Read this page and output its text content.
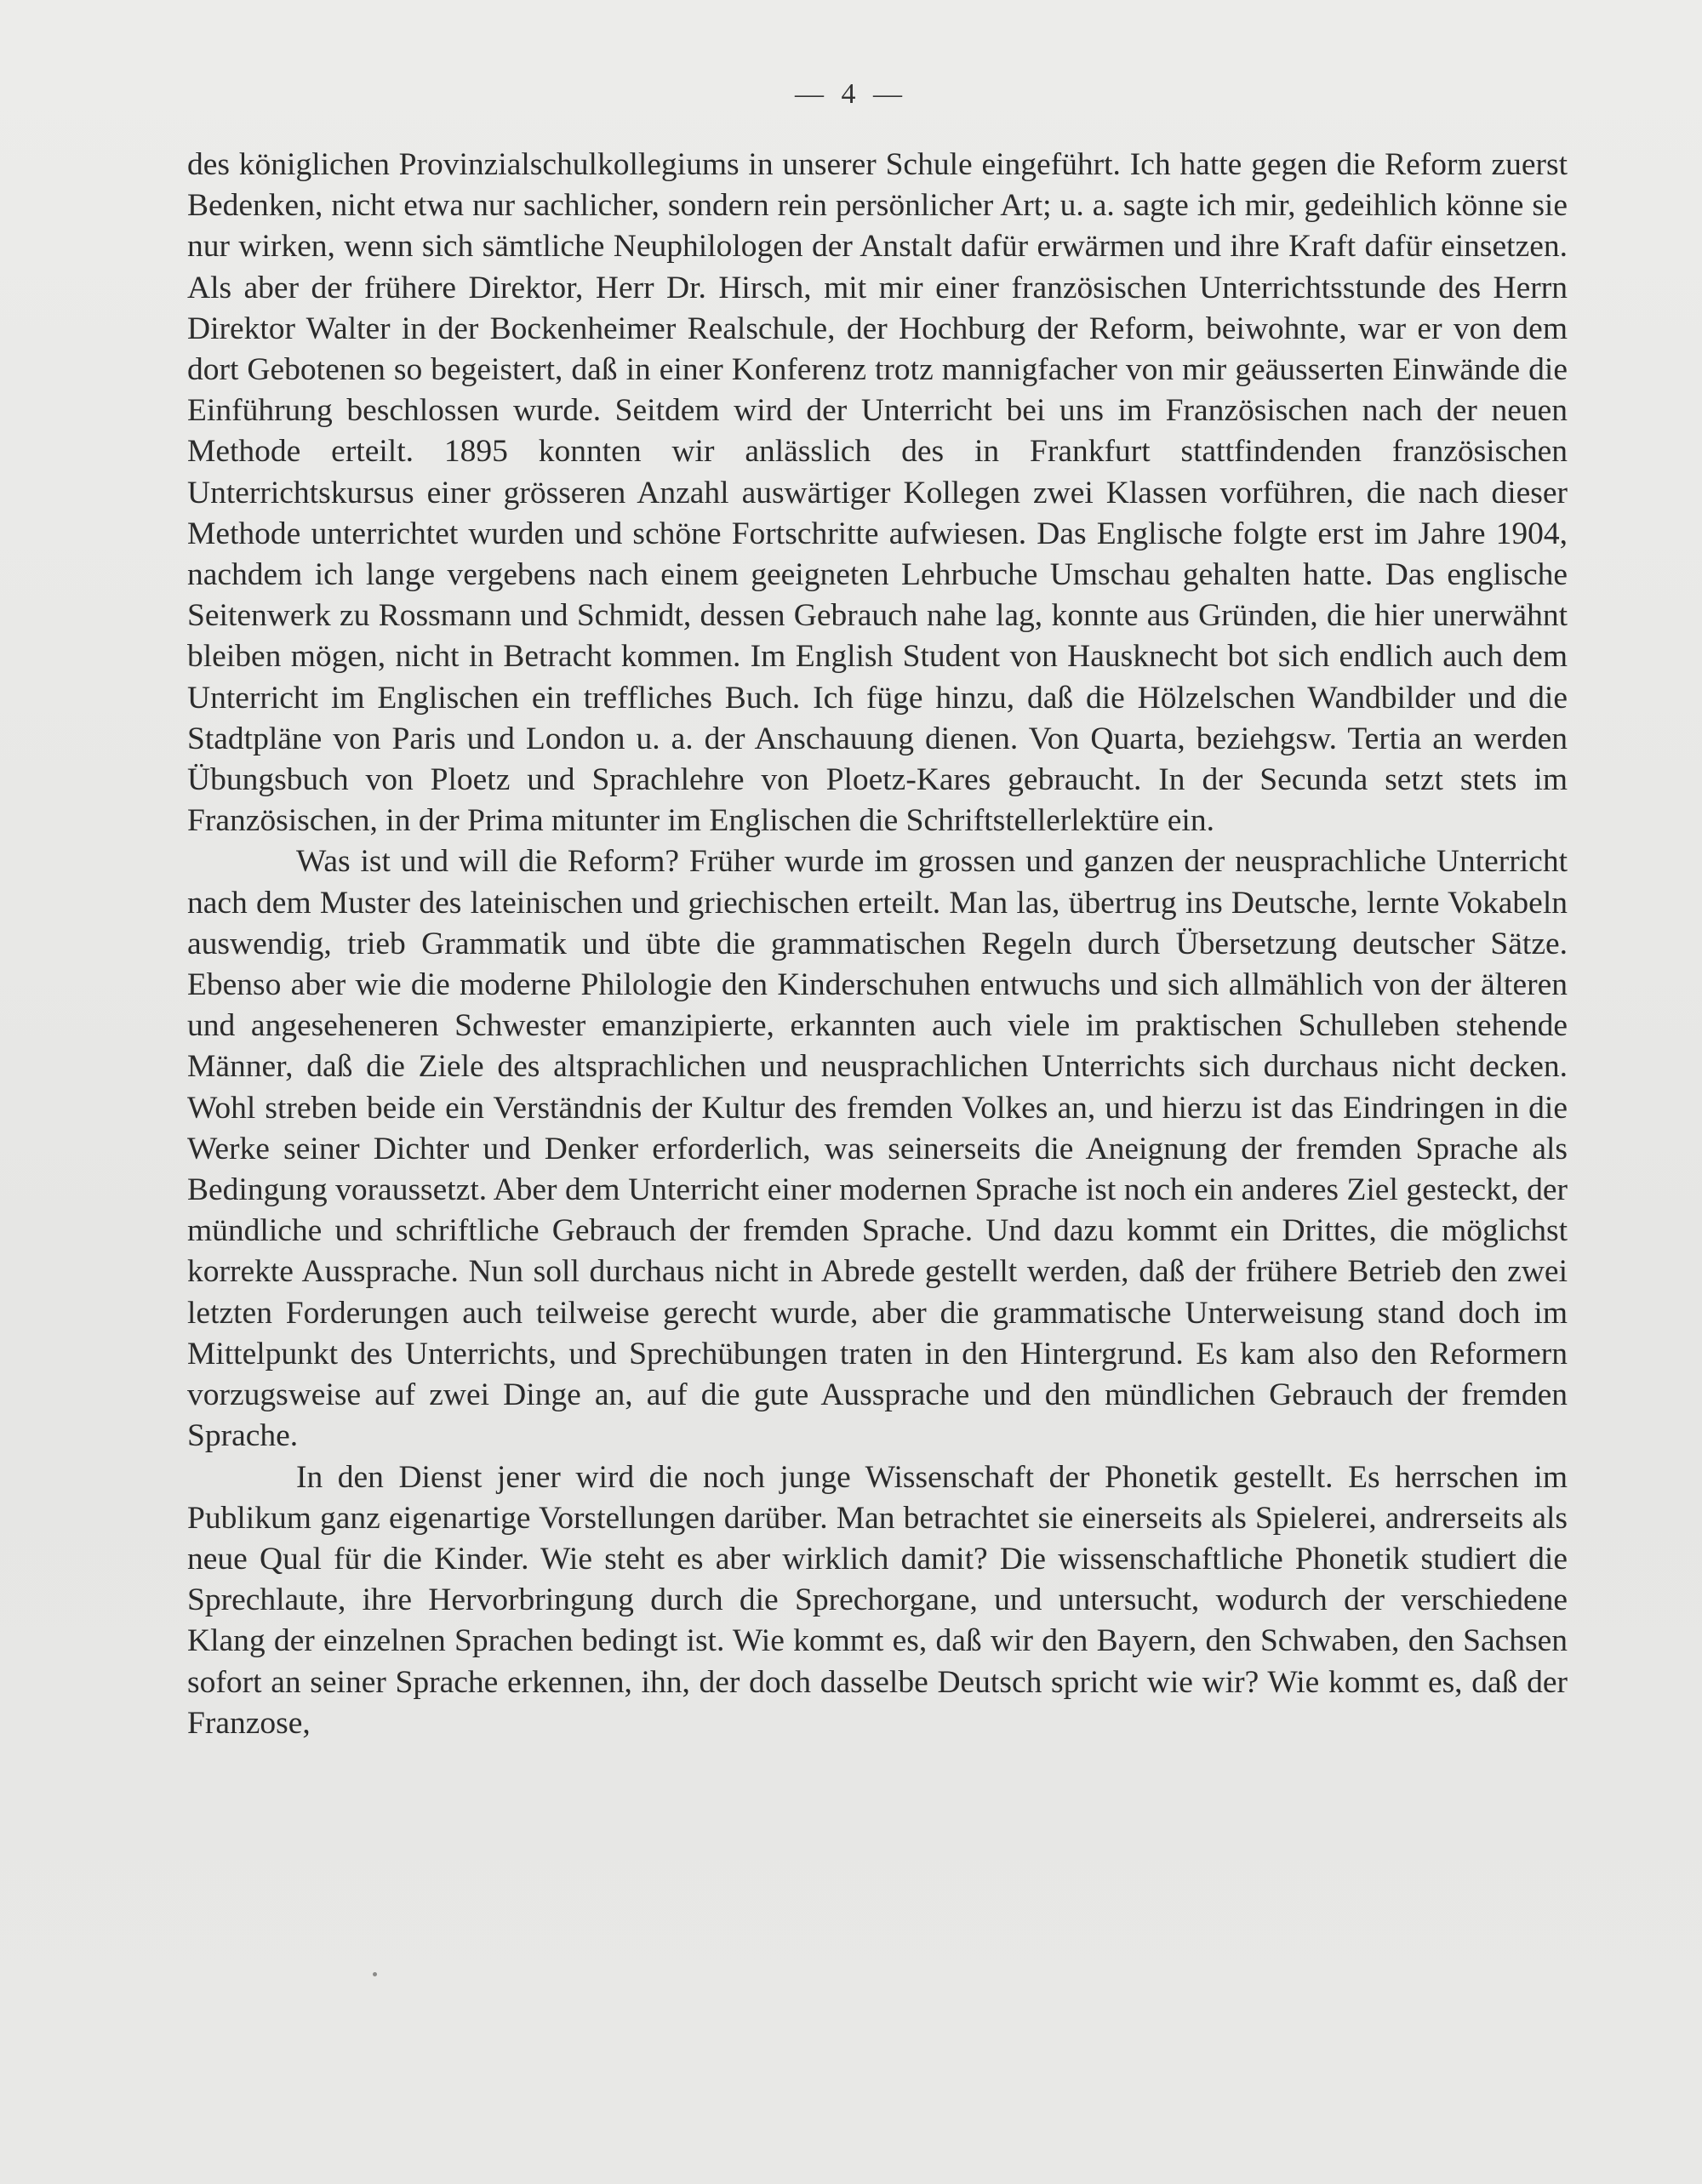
— 4 —

des königlichen Provinzialschulkollegiums in unserer Schule eingeführt. Ich hatte gegen die Reform zuerst Bedenken, nicht etwa nur sachlicher, sondern rein persönlicher Art; u. a. sagte ich mir, gedeihlich könne sie nur wirken, wenn sich sämtliche Neuphilologen der Anstalt dafür erwärmen und ihre Kraft dafür einsetzen. Als aber der frühere Direktor, Herr Dr. Hirsch, mit mir einer französischen Unterrichtsstunde des Herrn Direktor Walter in der Bockenheimer Realschule, der Hochburg der Reform, beiwohnte, war er von dem dort Gebotenen so begeistert, daß in einer Konferenz trotz mannigfacher von mir geäusserten Einwände die Einführung beschlossen wurde. Seitdem wird der Unterricht bei uns im Französischen nach der neuen Methode erteilt. 1895 konnten wir anlässlich des in Frankfurt stattfindenden französischen Unterrichtskursus einer grösseren Anzahl auswärtiger Kollegen zwei Klassen vorführen, die nach dieser Methode unterrichtet wurden und schöne Fortschritte aufwiesen. Das Englische folgte erst im Jahre 1904, nachdem ich lange vergebens nach einem geeigneten Lehrbuche Umschau gehalten hatte. Das englische Seitenwerk zu Rossmann und Schmidt, dessen Gebrauch nahe lag, konnte aus Gründen, die hier unerwähnt bleiben mögen, nicht in Betracht kommen. Im English Student von Hausknecht bot sich endlich auch dem Unterricht im Englischen ein treffliches Buch. Ich füge hinzu, daß die Hölzelschen Wandbilder und die Stadtpläne von Paris und London u. a. der Anschauung dienen. Von Quarta, beziehgsw. Tertia an werden Übungsbuch von Ploetz und Sprachlehre von Ploetz-Kares gebraucht. In der Secunda setzt stets im Französischen, in der Prima mitunter im Englischen die Schriftstellerlektüre ein.

Was ist und will die Reform? Früher wurde im grossen und ganzen der neusprachliche Unterricht nach dem Muster des lateinischen und griechischen erteilt. Man las, übertrug ins Deutsche, lernte Vokabeln auswendig, trieb Grammatik und übte die grammatischen Regeln durch Übersetzung deutscher Sätze. Ebenso aber wie die moderne Philologie den Kinderschuhen entwuchs und sich allmählich von der älteren und angeseheneren Schwester emanzipierte, erkannten auch viele im praktischen Schulleben stehende Männer, daß die Ziele des altsprachlichen und neusprachlichen Unterrichts sich durchaus nicht decken. Wohl streben beide ein Verständnis der Kultur des fremden Volkes an, und hierzu ist das Eindringen in die Werke seiner Dichter und Denker erforderlich, was seinerseits die Aneignung der fremden Sprache als Bedingung voraussetzt. Aber dem Unterricht einer modernen Sprache ist noch ein anderes Ziel gesteckt, der mündliche und schriftliche Gebrauch der fremden Sprache. Und dazu kommt ein Drittes, die möglichst korrekte Aussprache. Nun soll durchaus nicht in Abrede gestellt werden, daß der frühere Betrieb den zwei letzten Forderungen auch teilweise gerecht wurde, aber die grammatische Unterweisung stand doch im Mittelpunkt des Unterrichts, und Sprechübungen traten in den Hintergrund. Es kam also den Reformern vorzugsweise auf zwei Dinge an, auf die gute Aussprache und den mündlichen Gebrauch der fremden Sprache.

In den Dienst jener wird die noch junge Wissenschaft der Phonetik gestellt. Es herrschen im Publikum ganz eigenartige Vorstellungen darüber. Man betrachtet sie einerseits als Spielerei, andrerseits als neue Qual für die Kinder. Wie steht es aber wirklich damit? Die wissenschaftliche Phonetik studiert die Sprechlaute, ihre Hervorbringung durch die Sprechorgane, und untersucht, wodurch der verschiedene Klang der einzelnen Sprachen bedingt ist. Wie kommt es, daß wir den Bayern, den Schwaben, den Sachsen sofort an seiner Sprache erkennen, ihn, der doch dasselbe Deutsch spricht wie wir? Wie kommt es, daß der Franzose,
